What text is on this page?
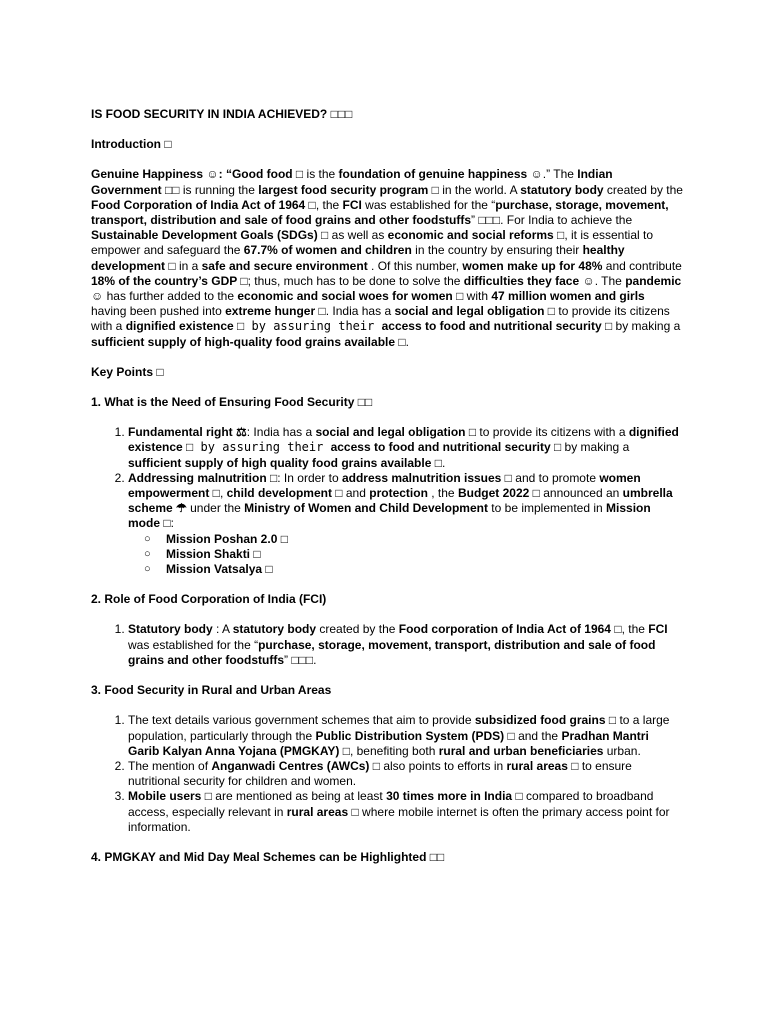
IS FOOD SECURITY IN INDIA ACHIEVED? □□□
Introduction □

Genuine Happiness ☺: “Good food □ is the foundation of genuine happiness ☺.” The Indian Government □□ is running the largest food security program □ in the world. A statutory body created by the Food Corporation of India Act of 1964 □, the FCI was established for the “purchase, storage, movement, transport, distribution and sale of food grains and other foodstuffs” □□□. For India to achieve the Sustainable Development Goals (SDGs) □ as well as economic and social reforms □, it is essential to empower and safeguard the 67.7% of women and children in the country by ensuring their healthy development □ in a safe and secure environment . Of this number, women make up for 48% and contribute 18% of the country’s GDP □; thus, much has to be done to solve the difficulties they face ☺. The pandemic ☺ has further added to the economic and social woes for women □ with 47 million women and girls having been pushed into extreme hunger □. India has a social and legal obligation □ to provide its citizens with a dignified existence □ by assuring their access to food and nutritional security □ by making a sufficient supply of high-quality food grains available □.

Key Points □
1. What is the Need of Ensuring Food Security □□
1. Fundamental right ⚖: India has a social and legal obligation □ to provide its citizens with a dignified existence □ by assuring their access to food and nutritional security □ by making a sufficient supply of high quality food grains available □.
2. Addressing malnutrition □: In order to address malnutrition issues □ and to promote women empowerment □, child development □ and protection , the Budget 2022 □ announced an umbrella scheme ☂ under the Ministry of Women and Child Development to be implemented in Mission mode □:
○ Mission Poshan 2.0 □
○ Mission Shakti □
○ Mission Vatsalya □
2. Role of Food Corporation of India (FCI)
1. Statutory body : A statutory body created by the Food corporation of India Act of 1964 □, the FCI was established for the “purchase, storage, movement, transport, distribution and sale of food grains and other foodstuffs” □□□.
3. Food Security in Rural and Urban Areas
1. The text details various government schemes that aim to provide subsidized food grains □ to a large population, particularly through the Public Distribution System (PDS) □ and the Pradhan Mantri Garib Kalyan Anna Yojana (PMGKAY) □, benefiting both rural and urban beneficiaries urban.
2. The mention of Anganwadi Centres (AWCs) □ also points to efforts in rural areas □ to ensure nutritional security for children and women.
3. Mobile users □ are mentioned as being at least 30 times more in India □ compared to broadband access, especially relevant in rural areas □ where mobile internet is often the primary access point for information.
4. PMGKAY and Mid Day Meal Schemes can be Highlighted □□
